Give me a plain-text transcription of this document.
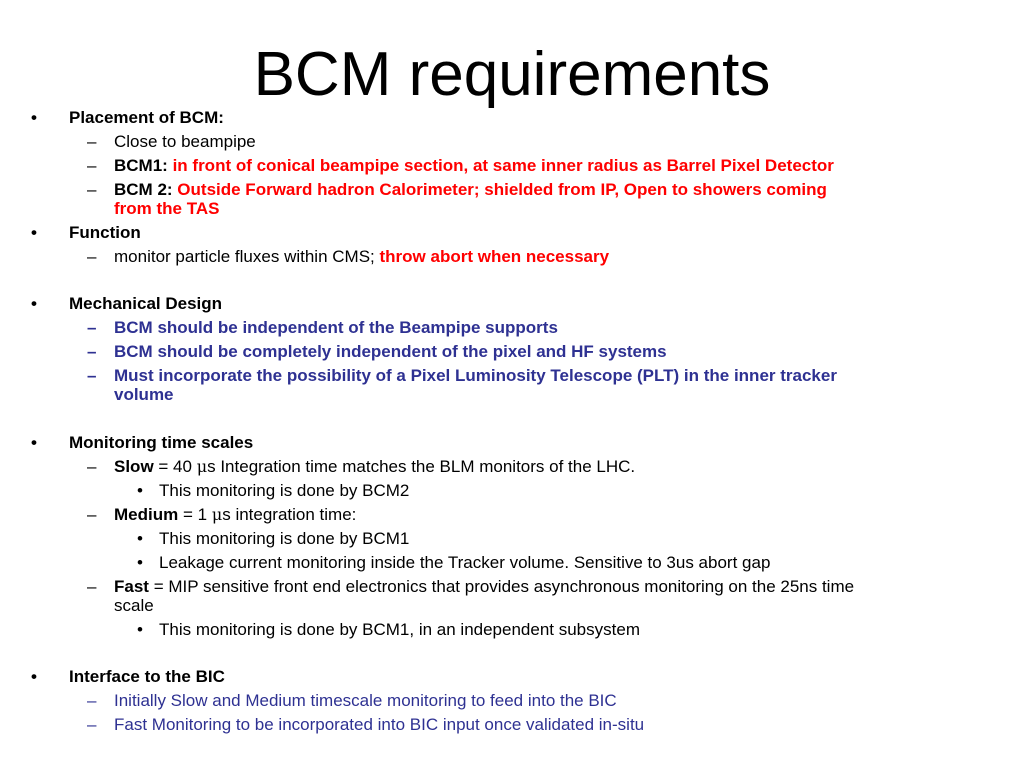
BCM requirements
• Placement of BCM:
– Close to beampipe
– BCM1: in front of conical beampipe section, at same inner radius as Barrel Pixel Detector
– BCM 2: Outside Forward hadron Calorimeter; shielded from IP, Open to showers coming
from the TAS
• Function
– monitor particle fluxes within CMS; throw abort when necessary
• Mechanical Design
– BCM should be independent of the Beampipe supports
– BCM should be completely independent of the pixel and HF systems
– Must incorporate the possibility of a Pixel Luminosity Telescope (PLT) in the inner tracker
volume
• Monitoring time scales
– Slow = 40 μs Integration time matches the BLM monitors of the LHC.
• This monitoring is done by BCM2
– Medium = 1 μs integration time:
• This monitoring is done by BCM1
• Leakage current monitoring inside the Tracker volume. Sensitive to 3us abort gap
– Fast = MIP sensitive front end electronics that provides asynchronous monitoring on the 25ns time
scale
• This monitoring is done by BCM1, in an independent subsystem
• Interface to the BIC
– Initially Slow and Medium timescale monitoring to feed into the BIC
– Fast Monitoring to be incorporated into BIC input once validated in-situ
